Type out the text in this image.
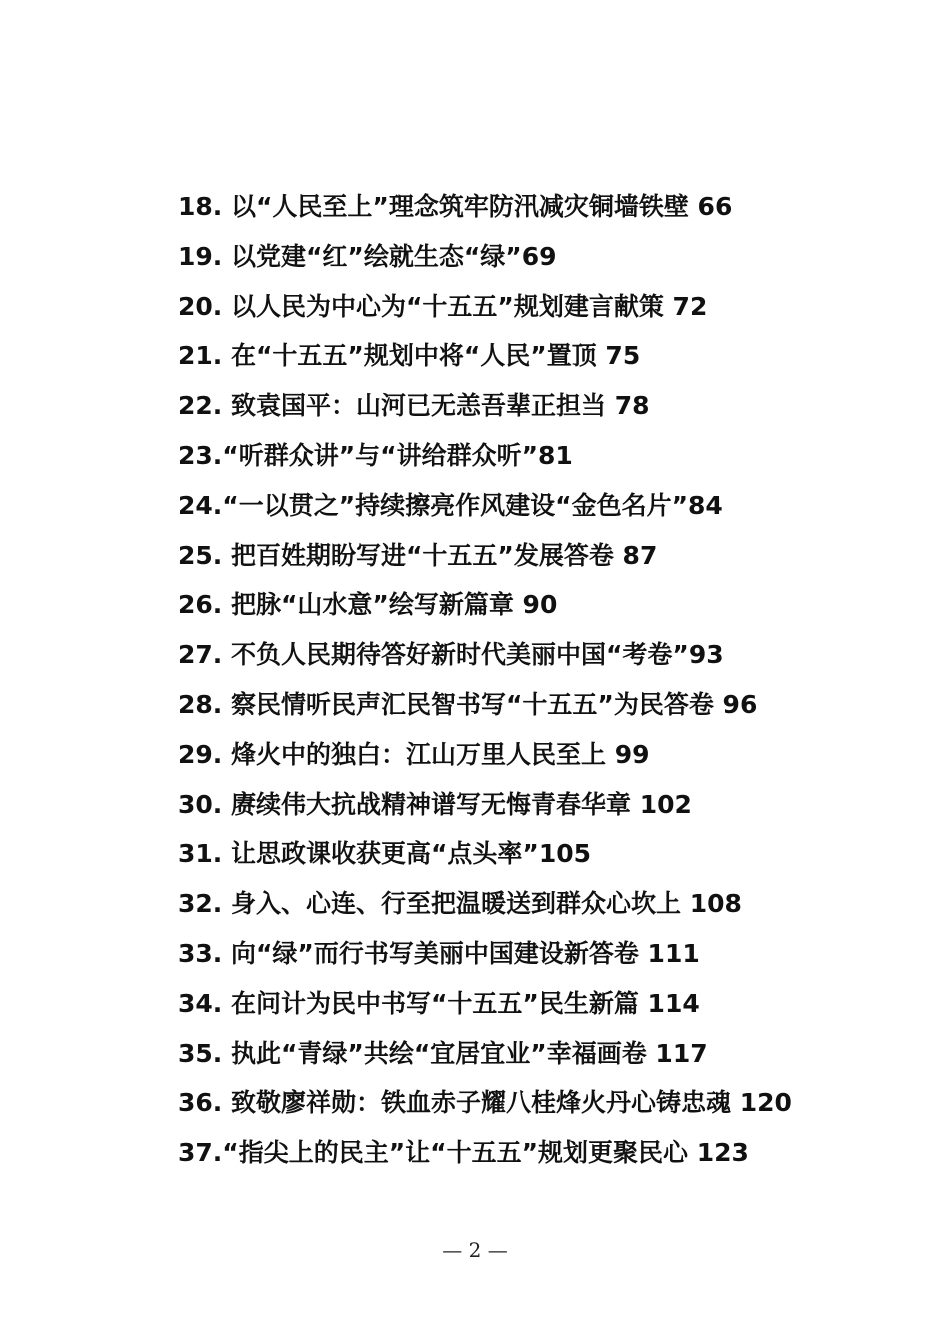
18. 以“人民至上”理念筑牢防汛减灾铜墙铁壁 66
19. 以党建“红”绘就生态“绿”69
20. 以人民为中心为“十五五”规划建言献策 72
21. 在“十五五”规划中将“人民”置顶 75
22. 致袁国平：山河已无恙吾辈正担当 78
23.“听群众讲”与“讲给群众听”81
24.“一以贯之”持续擦亮作风建设“金色名片”84
25. 把百姓期盼写进“十五五”发展答卷 87
26. 把脉“山水意”绘写新篇章 90
27. 不负人民期待答好新时代美丽中国“考卷”93
28. 察民情听民声汇民智书写“十五五”为民答卷 96
29. 烽火中的独白：江山万里人民至上 99
30. 赓续伟大抗战精神谱写无悔青春华章 102
31. 让思政课收获更高“点头率”105
32. 身入、心连、行至把温暖送到群众心坎上 108
33. 向“绿”而行书写美丽中国建设新答卷 111
34. 在问计为民中书写“十五五”民生新篇 114
35. 执此“青绿”共绘“宜居宜业”幸福画卷 117
36. 致敬廖祥勋：铁血赤子耀八桂烽火丹心铸忠魂 120
37.“指尖上的民主”让“十五五”规划更聚民心 123
— 2 —
